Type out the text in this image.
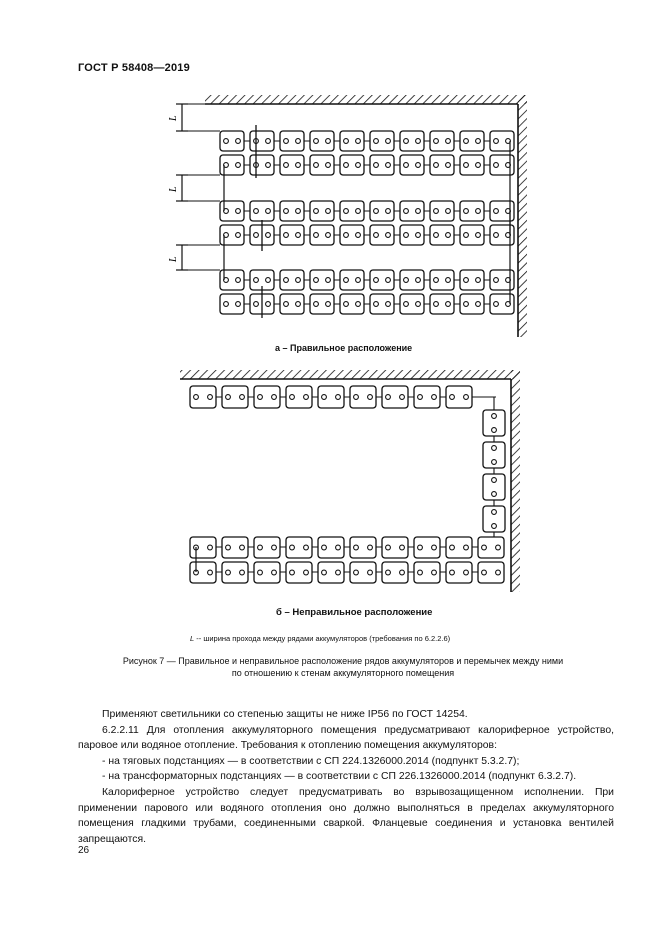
ГОСТ Р 58408—2019
L
L
L
а – Правильное расположение
б – Неправильное расположение
L -- ширина прохода между рядами аккумуляторов (требования по 6.2.2.6)
Рисунок 7 — Правильное и неправильное расположение рядов аккумуляторов и перемычек между ними
по отношению к стенам аккумуляторного помещения

Применяют светильники со степенью защиты не ниже IP56 по ГОСТ 14254.

6.2.2.11 Для отопления аккумуляторного помещения предусматривают калориферное устройство, паровое или водяное отопление. Требования к отоплению помещения аккумуляторов:

- на тяговых подстанциях — в соответствии с СП 224.1326000.2014 (подпункт 5.3.2.7);

- на трансформаторных подстанциях — в соответствии с СП 226.1326000.2014 (подпункт 6.3.2.7).

Калориферное устройство следует предусматривать во взрывозащищенном исполнении. При применении парового или водяного отопления оно должно выполняться в пределах аккумуляторного помещения гладкими трубами, соединенными сваркой. Фланцевые соединения и установка вентилей запрещаются.

26
